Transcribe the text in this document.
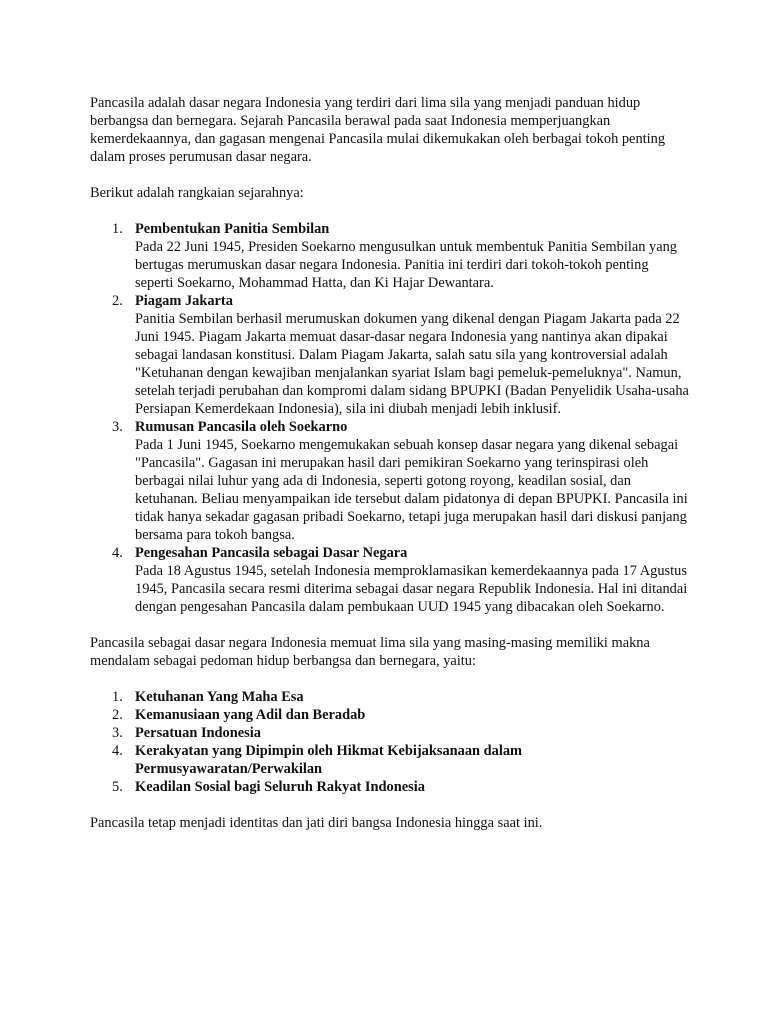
Pancasila adalah dasar negara Indonesia yang terdiri dari lima sila yang menjadi panduan hidup berbangsa dan bernegara. Sejarah Pancasila berawal pada saat Indonesia memperjuangkan kemerdekaannya, dan gagasan mengenai Pancasila mulai dikemukakan oleh berbagai tokoh penting dalam proses perumusan dasar negara.

Berikut adalah rangkaian sejarahnya:

1. Pembentukan Panitia Sembilan
Pada 22 Juni 1945, Presiden Soekarno mengusulkan untuk membentuk Panitia Sembilan yang bertugas merumuskan dasar negara Indonesia. Panitia ini terdiri dari tokoh-tokoh penting seperti Soekarno, Mohammad Hatta, dan Ki Hajar Dewantara.
2. Piagam Jakarta
Panitia Sembilan berhasil merumuskan dokumen yang dikenal dengan Piagam Jakarta pada 22 Juni 1945. Piagam Jakarta memuat dasar-dasar negara Indonesia yang nantinya akan dipakai sebagai landasan konstitusi. Dalam Piagam Jakarta, salah satu sila yang kontroversial adalah "Ketuhanan dengan kewajiban menjalankan syariat Islam bagi pemeluk-pemeluknya". Namun, setelah terjadi perubahan dan kompromi dalam sidang BPUPKI (Badan Penyelidik Usaha-usaha Persiapan Kemerdekaan Indonesia), sila ini diubah menjadi lebih inklusif.
3. Rumusan Pancasila oleh Soekarno
Pada 1 Juni 1945, Soekarno mengemukakan sebuah konsep dasar negara yang dikenal sebagai "Pancasila". Gagasan ini merupakan hasil dari pemikiran Soekarno yang terinspirasi oleh berbagai nilai luhur yang ada di Indonesia, seperti gotong royong, keadilan sosial, dan ketuhanan. Beliau menyampaikan ide tersebut dalam pidatonya di depan BPUPKI. Pancasila ini tidak hanya sekadar gagasan pribadi Soekarno, tetapi juga merupakan hasil dari diskusi panjang bersama para tokoh bangsa.
4. Pengesahan Pancasila sebagai Dasar Negara
Pada 18 Agustus 1945, setelah Indonesia memproklamasikan kemerdekaannya pada 17 Agustus 1945, Pancasila secara resmi diterima sebagai dasar negara Republik Indonesia. Hal ini ditandai dengan pengesahan Pancasila dalam pembukaan UUD 1945 yang dibacakan oleh Soekarno.

Pancasila sebagai dasar negara Indonesia memuat lima sila yang masing-masing memiliki makna mendalam sebagai pedoman hidup berbangsa dan bernegara, yaitu:

1. Ketuhanan Yang Maha Esa
2. Kemanusiaan yang Adil dan Beradab
3. Persatuan Indonesia
4. Kerakyatan yang Dipimpin oleh Hikmat Kebijaksanaan dalam Permusyawaratan/Perwakilan
5. Keadilan Sosial bagi Seluruh Rakyat Indonesia

Pancasila tetap menjadi identitas dan jati diri bangsa Indonesia hingga saat ini.
